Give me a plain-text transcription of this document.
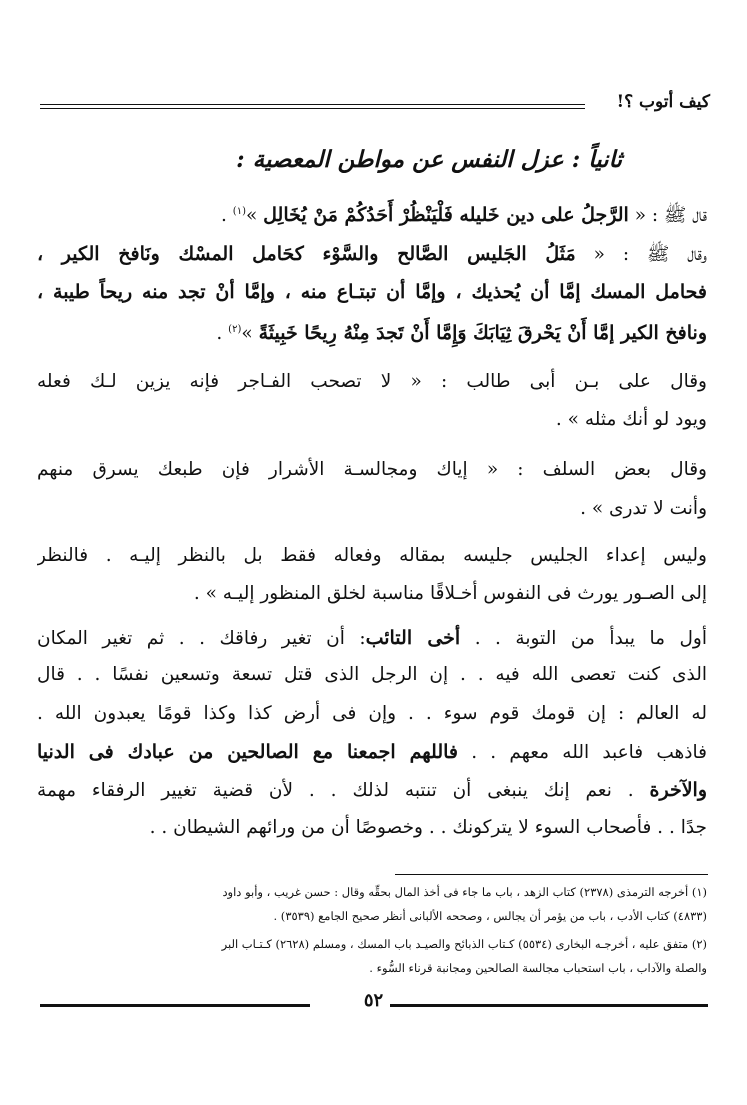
كيف أتوب ؟!
ثانياً : عزل النفس عن مواطن المعصية :
قال ﷺ : « الرَّجلُ على دين خَليله فَلْيَنْظُرْ أَحَدُكُمْ مَنْ يُخَالِل »$^{(١)}$ .
وقال ﷺ : « مَثَلُ الجَليس الصَّالح والسَّوْء كحَامل المسْك ونَافخ الكير ،
فحامل المسك إمَّا أن يُحذيك ، وإمَّا أن تبتـاع منه ، وإمَّا أنْ تجد منه ريحاً طيبة ،
ونافخ الكير إمَّا أَنْ يَحْرقَ ثِيَابَكَ وَإِمَّا أَنْ تَجدَ مِنْهُ رِيحًا خَبِيثَةً »$^{(٢)}$ .
وقال على بـن أبى طالب : « لا تصحب الفـاجر فإنه يزين لـك فعله
ويود لو أنك مثله » .
وقال بعض السلف : « إياك ومجالسـة الأشرار فإن طبعك يسرق منهم
وأنت لا تدرى » .
وليس إعداء الجليس جليسه بمقاله وفعاله فقط بل بالنظر إليـه . فالنظر
إلى الصـور يورث فى النفوس أخـلاقًا مناسبة لخلق المنظور إليـه » .
أول ما يبدأ من التوبة . . أخى التائب: أن تغير رفاقك . . ثم تغير المكان
الذى كنت تعصى الله فيه . . إن الرجل الذى قتل تسعة وتسعين نفسًا . . قال
له العالم : إن قومك قوم سوء . . وإن فى أرض كذا وكذا قومًا يعبدون الله .
فاذهب فاعبد الله معهم . . فاللهم اجمعنا مع الصالحين من عبادك فى الدنيا
والآخرة . نعم إنك ينبغى أن تنتبه لذلك . . لأن قضية تغيير الرفقاء مهمة
جدًا . . فأصحاب السوء لا يتركونك . . وخصوصًا أن من ورائهم الشيطان . .
(١) أخرجه الترمذى (٢٣٧٨) كتاب الزهد ، باب ما جاء فى أخذ المال بحقِّه وقال : حسن غريب ، وأبو داود
(٤٨٣٣) كتاب الأدب ، باب من يؤمر أن يجالس ، وصححه الألبانى أنظر صحيح الجامع (٣٥٣٩) .
(٢) متفق عليه ، أخرجـه البخارى (٥٥٣٤) كـتاب الذبائح والصيـد باب المسك ، ومسلم (٢٦٢٨) كـتـاب البر
والصلة والآداب ، باب استحباب مجالسة الصالحين ومجانبة قرناء السُّوء .
٥٢
